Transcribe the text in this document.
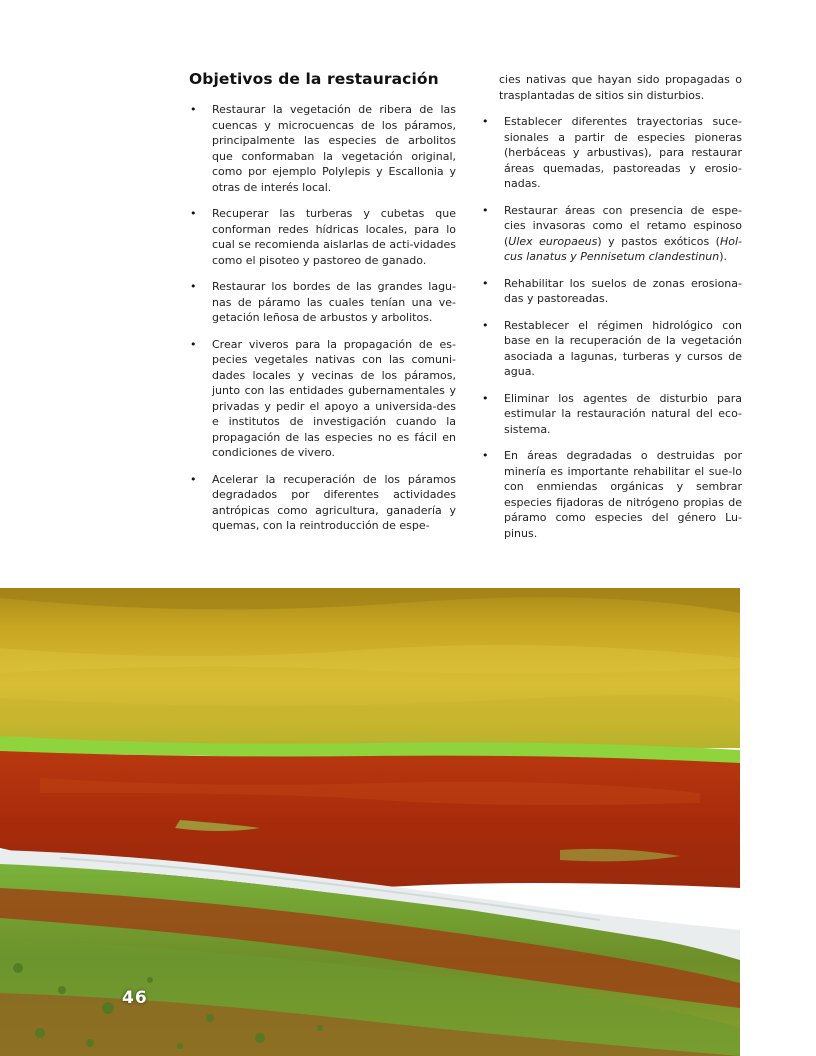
Objetivos de la restauración
• Restaurar la vegetación de ribera de las cuencas y microcuencas de los páramos, principalmente las especies de arbolitos que conformaban la vegetación original, como por ejemplo Polylepis y Escallonia y otras de interés local.
• Recuperar las turberas y cubetas que conforman redes hídricas locales, para lo cual se recomienda aislarlas de acti-vidades como el pisoteo y pastoreo de ganado.
• Restaurar los bordes de las grandes lagu-nas de páramo las cuales tenían una ve-getación leñosa de arbustos y arbolitos.
• Crear viveros para la propagación de es-pecies vegetales nativas con las comuni-dades locales y vecinas de los páramos, junto con las entidades gubernamentales y privadas y pedir el apoyo a universida-des e institutos de investigación cuando la propagación de las especies no es fácil en condiciones de vivero.
• Acelerar la recuperación de los páramos degradados por diferentes actividades antrópicas como agricultura, ganadería y quemas, con la reintroducción de espe-
cies nativas que hayan sido propagadas o trasplantadas de sitios sin disturbios.
• Establecer diferentes trayectorias suce-sionales a partir de especies pioneras (herbáceas y arbustivas), para restaurar áreas quemadas, pastoreadas y erosio-nadas.
• Restaurar áreas con presencia de espe-cies invasoras como el retamo espinoso (Ulex europaeus) y pastos exóticos (Hol-cus lanatus y Pennisetum clandestinun).
• Rehabilitar los suelos de zonas erosiona-das y pastoreadas.
• Restablecer el régimen hidrológico con base en la recuperación de la vegetación asociada a lagunas, turberas y cursos de agua.
• Eliminar los agentes de disturbio para estimular la restauración natural del eco-sistema.
• En áreas degradadas o destruidas por minería es importante rehabilitar el sue-lo con enmiendas orgánicas y sembrar especies fijadoras de nitrógeno propias de páramo como especies del género Lu-pinus.
46
